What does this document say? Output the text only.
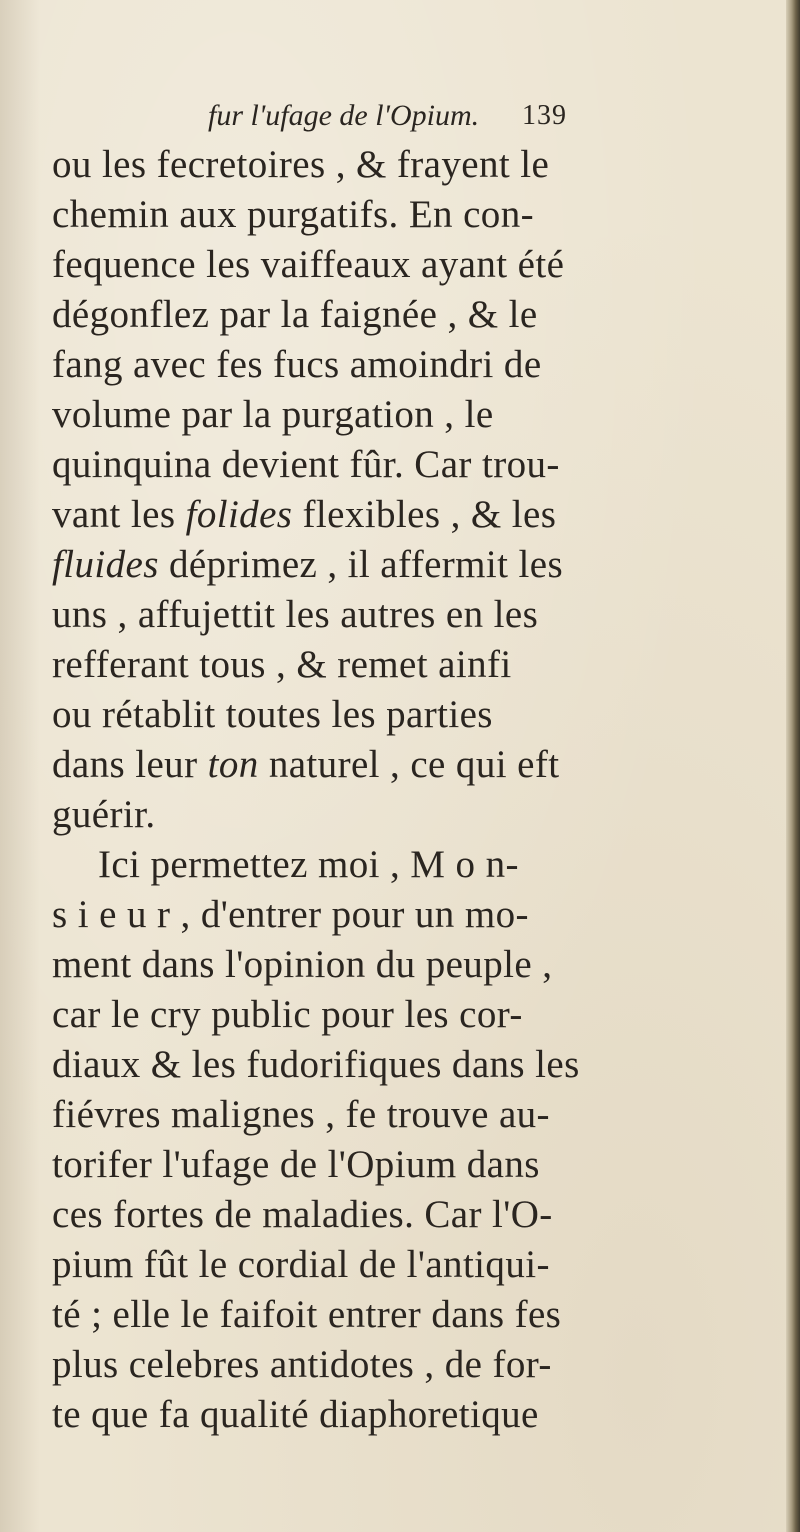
fur l'ufage de l'Opium.	139
ou les fecretoires , & frayent le
chemin aux purgatifs. En con-
fequence les vaiffeaux ayant été
dégonflez par la faignée , & le
fang avec fes fucs amoindri de
volume par la purgation , le
quinquina devient fûr. Car trou-
vant les folides flexibles , & les
fluides déprimez , il affermit les
uns , affujettit les autres en les
refferant tous , & remet ainfi
ou rétablit toutes les parties
dans leur ton naturel , ce qui eft
guérir.
Ici permettez moi , M o n-
s i e u r , d'entrer pour un mo-
ment dans l'opinion du peuple ,
car le cry public pour les cor-
diaux & les fudorifiques dans les
fiévres malignes , fe trouve au-
torifer l'ufage de l'Opium dans
ces fortes de maladies. Car l'O-
pium fût le cordial de l'antiqui-
té ; elle le faifoit entrer dans fes
plus celebres antidotes , de for-
te que fa qualité diaphoretique
